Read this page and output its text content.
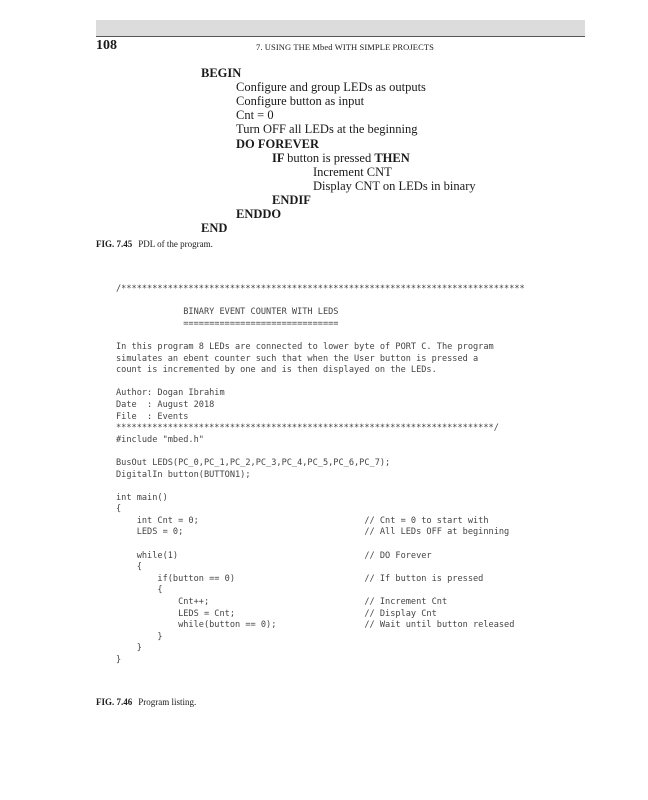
108	7. USING THE Mbed WITH SIMPLE PROJECTS
BEGIN
Configure and group LEDs as outputs
Configure button as input
Cnt = 0
Turn OFF all LEDs at the beginning
DO FOREVER
IF button is pressed THEN
Increment CNT
Display CNT on LEDs in binary
ENDIF
ENDDO
END
FIG. 7.45 PDL of the program.
/******************************************************************************

BINARY EVENT COUNTER WITH LEDS
==============================

In this program 8 LEDs are connected to lower byte of PORT C. The program
simulates an ebent counter such that when the User button is pressed a
count is incremented by one and is then displayed on the LEDs.

Author: Dogan Ibrahim
Date  : August 2018
File  : Events
*************************************************************************/
#include "mbed.h"

BusOut LEDS(PC_0,PC_1,PC_2,PC_3,PC_4,PC_5,PC_6,PC_7);
DigitalIn button(BUTTON1);

int main()
{
int Cnt = 0;                                // Cnt = 0 to start with
LEDS = 0;                                   // All LEDs OFF at beginning

while(1)                                    // DO Forever
{
if(button == 0)                         // If button is pressed
{
Cnt++;                              // Increment Cnt
LEDS = Cnt;                         // Display Cnt
while(button == 0);                 // Wait until button released
}
}
}
FIG. 7.46 Program listing.
